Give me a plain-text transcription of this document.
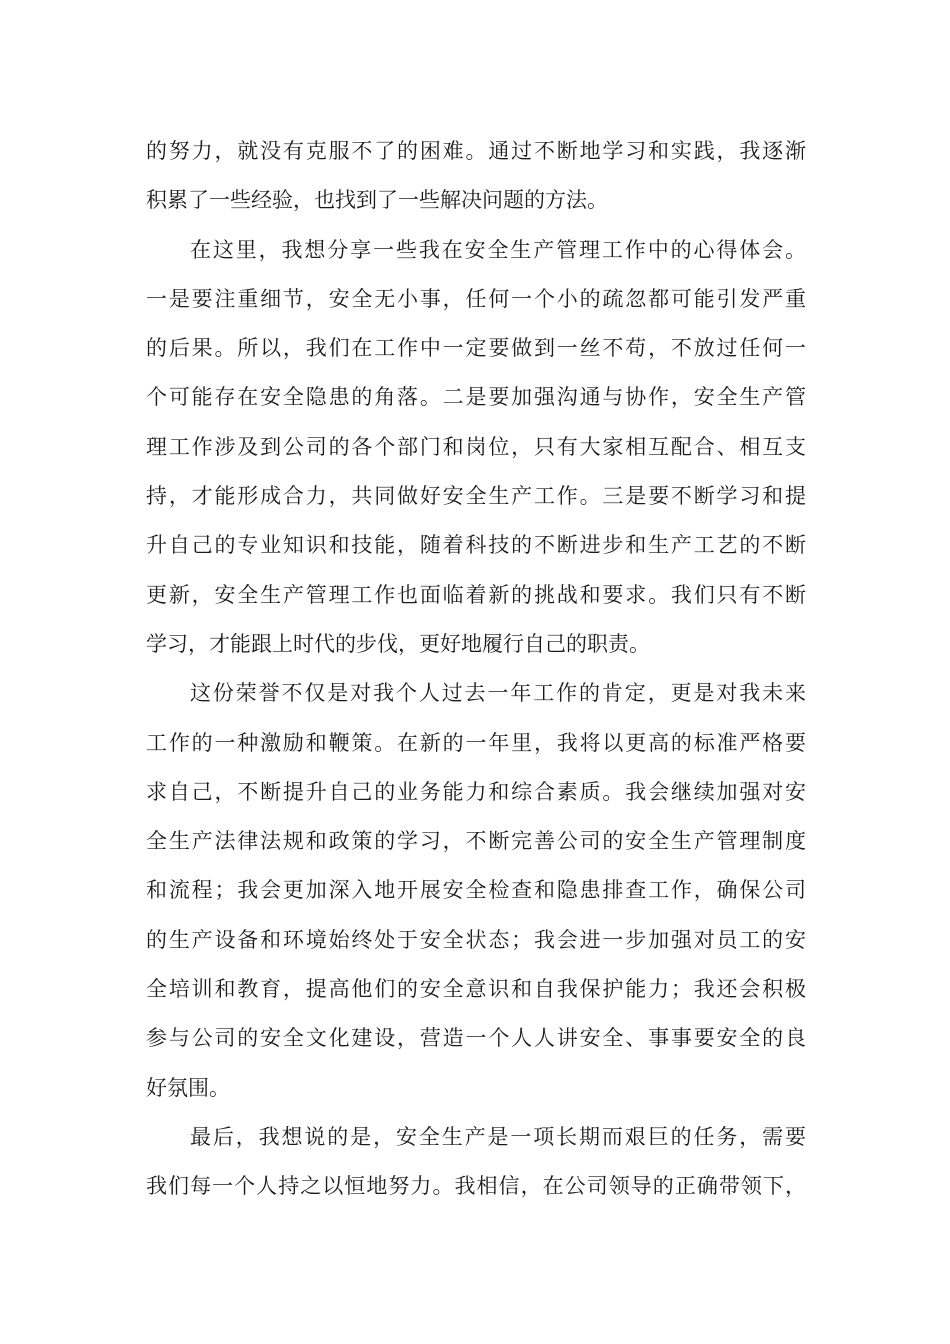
的努力，就没有克服不了的困难。通过不断地学习和实践，我逐渐
积累了一些经验，也找到了一些解决问题的方法。
在这里，我想分享一些我在安全生产管理工作中的心得体会。
一是要注重细节，安全无小事，任何一个小的疏忽都可能引发严重
的后果。所以，我们在工作中一定要做到一丝不苟，不放过任何一
个可能存在安全隐患的角落。二是要加强沟通与协作，安全生产管
理工作涉及到公司的各个部门和岗位，只有大家相互配合、相互支
持，才能形成合力，共同做好安全生产工作。三是要不断学习和提
升自己的专业知识和技能，随着科技的不断进步和生产工艺的不断
更新，安全生产管理工作也面临着新的挑战和要求。我们只有不断
学习，才能跟上时代的步伐，更好地履行自己的职责。
这份荣誉不仅是对我个人过去一年工作的肯定，更是对我未来
工作的一种激励和鞭策。在新的一年里，我将以更高的标准严格要
求自己，不断提升自己的业务能力和综合素质。我会继续加强对安
全生产法律法规和政策的学习，不断完善公司的安全生产管理制度
和流程；我会更加深入地开展安全检查和隐患排查工作，确保公司
的生产设备和环境始终处于安全状态；我会进一步加强对员工的安
全培训和教育，提高他们的安全意识和自我保护能力；我还会积极
参与公司的安全文化建设，营造一个人人讲安全、事事要安全的良
好氛围。
最后，我想说的是，安全生产是一项长期而艰巨的任务，需要
我们每一个人持之以恒地努力。我相信，在公司领导的正确带领下，
